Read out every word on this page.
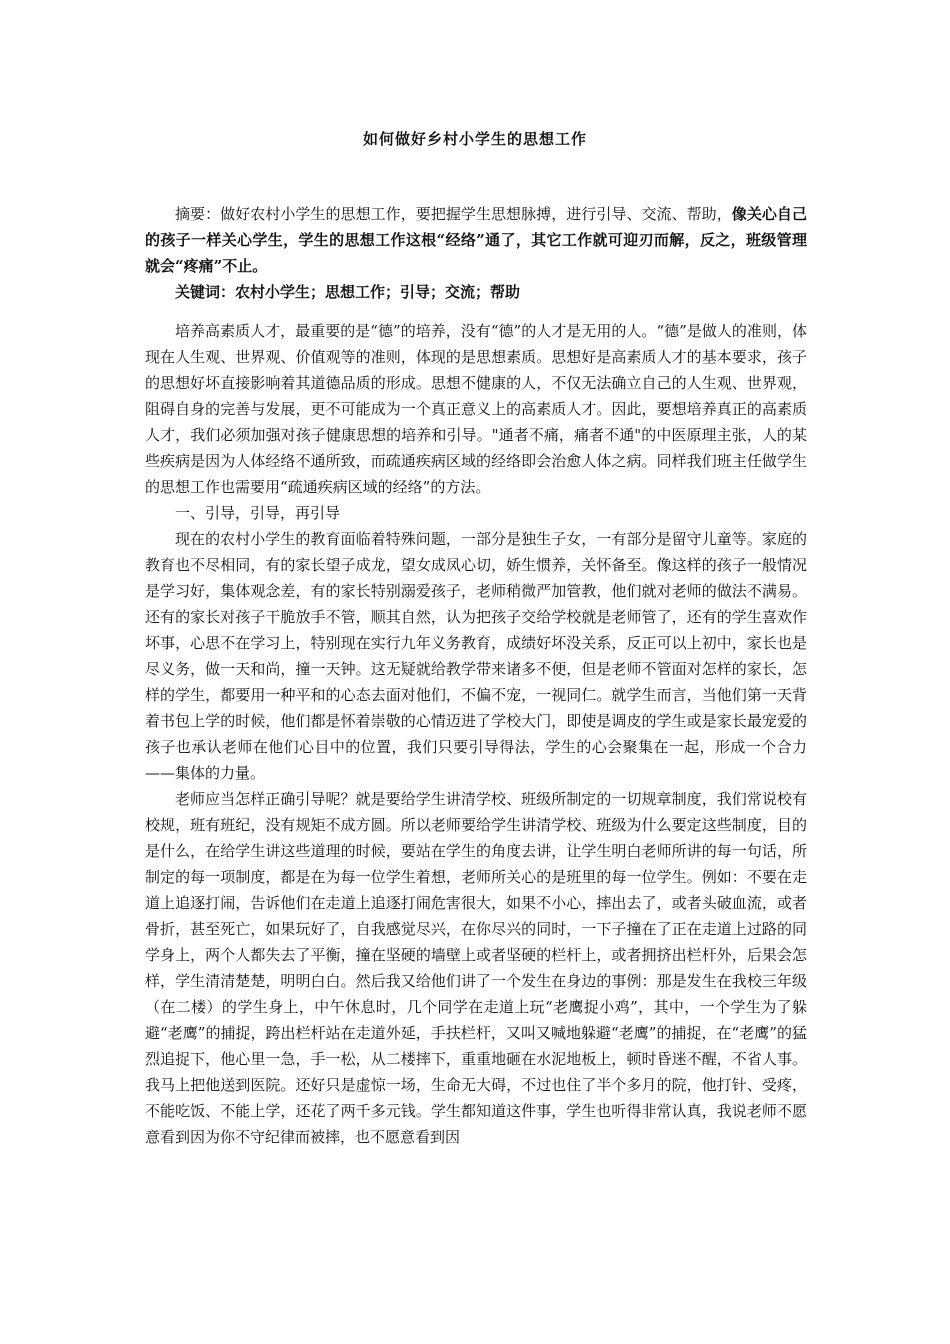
如何做好乡村小学生的思想工作

摘要：做好农村小学生的思想工作，要把握学生思想脉搏，进行引导、交流、帮助，像关心自己的孩子一样关心学生，学生的思想工作这根“经络”通了，其它工作就可迎刃而解，反之，班级管理就会“疼痛”不止。

关键词：农村小学生；思想工作；引导；交流；帮助

培养高素质人才，最重要的是“德”的培养，没有“德”的人才是无用的人。“德”是做人的准则，体现在人生观、世界观、价值观等的准则，体现的是思想素质。思想好是高素质人才的基本要求，孩子的思想好坏直接影响着其道德品质的形成。思想不健康的人，不仅无法确立自己的人生观、世界观，阻碍自身的完善与发展，更不可能成为一个真正意义上的高素质人才。因此，要想培养真正的高素质人才，我们必须加强对孩子健康思想的培养和引导。"通者不痛，痛者不通"的中医原理主张，人的某些疾病是因为人体经络不通所致，而疏通疾病区域的经络即会治愈人体之病。同样我们班主任做学生的思想工作也需要用“疏通疾病区域的经络”的方法。

一、引导，引导，再引导

现在的农村小学生的教育面临着特殊问题，一部分是独生子女，一有部分是留守儿童等。家庭的教育也不尽相同，有的家长望子成龙，望女成凤心切，娇生惯养，关怀备至。像这样的孩子一般情况是学习好，集体观念差，有的家长特别溺爱孩子，老师稍微严加管教，他们就对老师的做法不满易。还有的家长对孩子干脆放手不管，顺其自然，认为把孩子交给学校就是老师管了，还有的学生喜欢作坏事，心思不在学习上，特别现在实行九年义务教育，成绩好坏没关系，反正可以上初中，家长也是尽义务，做一天和尚，撞一天钟。这无疑就给教学带来诸多不便，但是老师不管面对怎样的家长，怎样的学生，都要用一种平和的心态去面对他们，不偏不宠，一视同仁。就学生而言，当他们第一天背着书包上学的时候，他们都是怀着崇敬的心情迈进了学校大门，即使是调皮的学生或是家长最宠爱的孩子也承认老师在他们心目中的位置，我们只要引导得法，学生的心会聚集在一起，形成一个合力——集体的力量。

老师应当怎样正确引导呢？就是要给学生讲清学校、班级所制定的一切规章制度，我们常说校有校规，班有班纪，没有规矩不成方圆。所以老师要给学生讲清学校、班级为什么要定这些制度，目的是什么，在给学生讲这些道理的时候，要站在学生的角度去讲，让学生明白老师所讲的每一句话，所制定的每一项制度，都是在为每一位学生着想，老师所关心的是班里的每一位学生。例如：不要在走道上追逐打闹，告诉他们在走道上追逐打闹危害很大，如果不小心，摔出去了，或者头破血流，或者骨折，甚至死亡，如果玩好了，自我感觉尽兴，在你尽兴的同时，一下子撞在了正在走道上过路的同学身上，两个人都失去了平衡，撞在坚硬的墙壁上或者坚硬的栏杆上，或者拥挤出栏杆外，后果会怎样，学生清清楚楚，明明白白。然后我又给他们讲了一个发生在身边的事例：那是发生在我校三年级（在二楼）的学生身上，中午休息时，几个同学在走道上玩“老鹰捉小鸡”，其中，一个学生为了躲避“老鹰”的捕捉，跨出栏杆站在走道外延，手扶栏杆，又叫又喊地躲避“老鹰”的捕捉，在“老鹰”的猛烈追捉下，他心里一急，手一松，从二楼摔下，重重地砸在水泥地板上，顿时昏迷不醒，不省人事。我马上把他送到医院。还好只是虚惊一场，生命无大碍，不过也住了半个多月的院，他打针、受疼，不能吃饭、不能上学，还花了两千多元钱。学生都知道这件事，学生也听得非常认真，我说老师不愿意看到因为你不守纪律而被摔，也不愿意看到因
